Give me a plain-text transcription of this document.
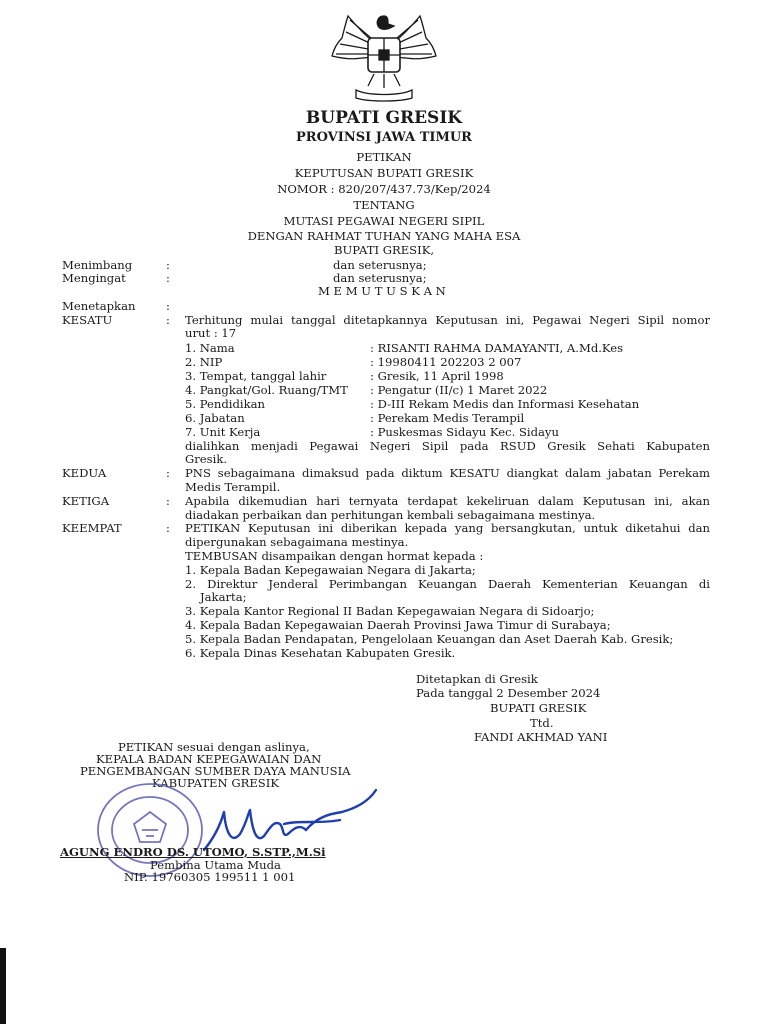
BUPATI GRESIK
PROVINSI JAWA TIMUR
PETIKAN
KEPUTUSAN BUPATI GRESIK
NOMOR : 820/207/437.73/Kep/2024
TENTANG
MUTASI PEGAWAI NEGERI SIPIL
DENGAN RAHMAT TUHAN YANG MAHA ESA
BUPATI GRESIK,
Menimbang	:	dan seterusnya;
Mengingat	:	dan seterusnya;
M E M U T U S K A N
Menetapkan	:
KESATU	: Terhitung mulai tanggal ditetapkannya Keputusan ini, Pegawai Negeri Sipil nomor
urut : 17
1. Nama	: RISANTI RAHMA DAMAYANTI, A.Md.Kes
2. NIP	: 19980411 202203 2 007
3. Tempat, tanggal lahir	: Gresik, 11 April 1998
4. Pangkat/Gol. Ruang/TMT : Pengatur (II/c) 1 Maret 2022
5. Pendidikan	: D-III Rekam Medis dan Informasi Kesehatan
6. Jabatan	: Perekam Medis Terampil
7. Unit Kerja	: Puskesmas Sidayu Kec. Sidayu
dialihkan menjadi Pegawai Negeri Sipil pada RSUD Gresik Sehati Kabupaten
Gresik.
KEDUA	: PNS sebagaimana dimaksud pada diktum KESATU diangkat dalam jabatan Perekam
Medis Terampil.
KETIGA	: Apabila dikemudian hari ternyata terdapat kekeliruan dalam Keputusan ini, akan
diadakan perbaikan dan perhitungan kembali sebagaimana mestinya.
KEEMPAT	: PETIKAN Keputusan ini diberikan kepada yang bersangkutan, untuk diketahui dan
dipergunakan sebagaimana mestinya.
TEMBUSAN disampaikan dengan hormat kepada :
1. Kepala Badan Kepegawaian Negara di Jakarta;
2. Direktur Jenderal Perimbangan Keuangan Daerah Kementerian Keuangan di
Jakarta;
3. Kepala Kantor Regional II Badan Kepegawaian Negara di Sidoarjo;
4. Kepala Badan Kepegawaian Daerah Provinsi Jawa Timur di Surabaya;
5. Kepala Badan Pendapatan, Pengelolaan Keuangan dan Aset Daerah Kab. Gresik;
6. Kepala Dinas Kesehatan Kabupaten Gresik.
Ditetapkan di Gresik
Pada tanggal 2 Desember 2024
BUPATI GRESIK
Ttd.
FANDI AKHMAD YANI
PETIKAN sesuai dengan aslinya,
KEPALA BADAN KEPEGAWAIAN DAN
PENGEMBANGAN SUMBER DAYA MANUSIA
KABUPATEN GRESIK
AGUNG ENDRO DS. UTOMO, S.STP.,M.Si
Pembina Utama Muda
NIP. 19760305 199511 1 001
